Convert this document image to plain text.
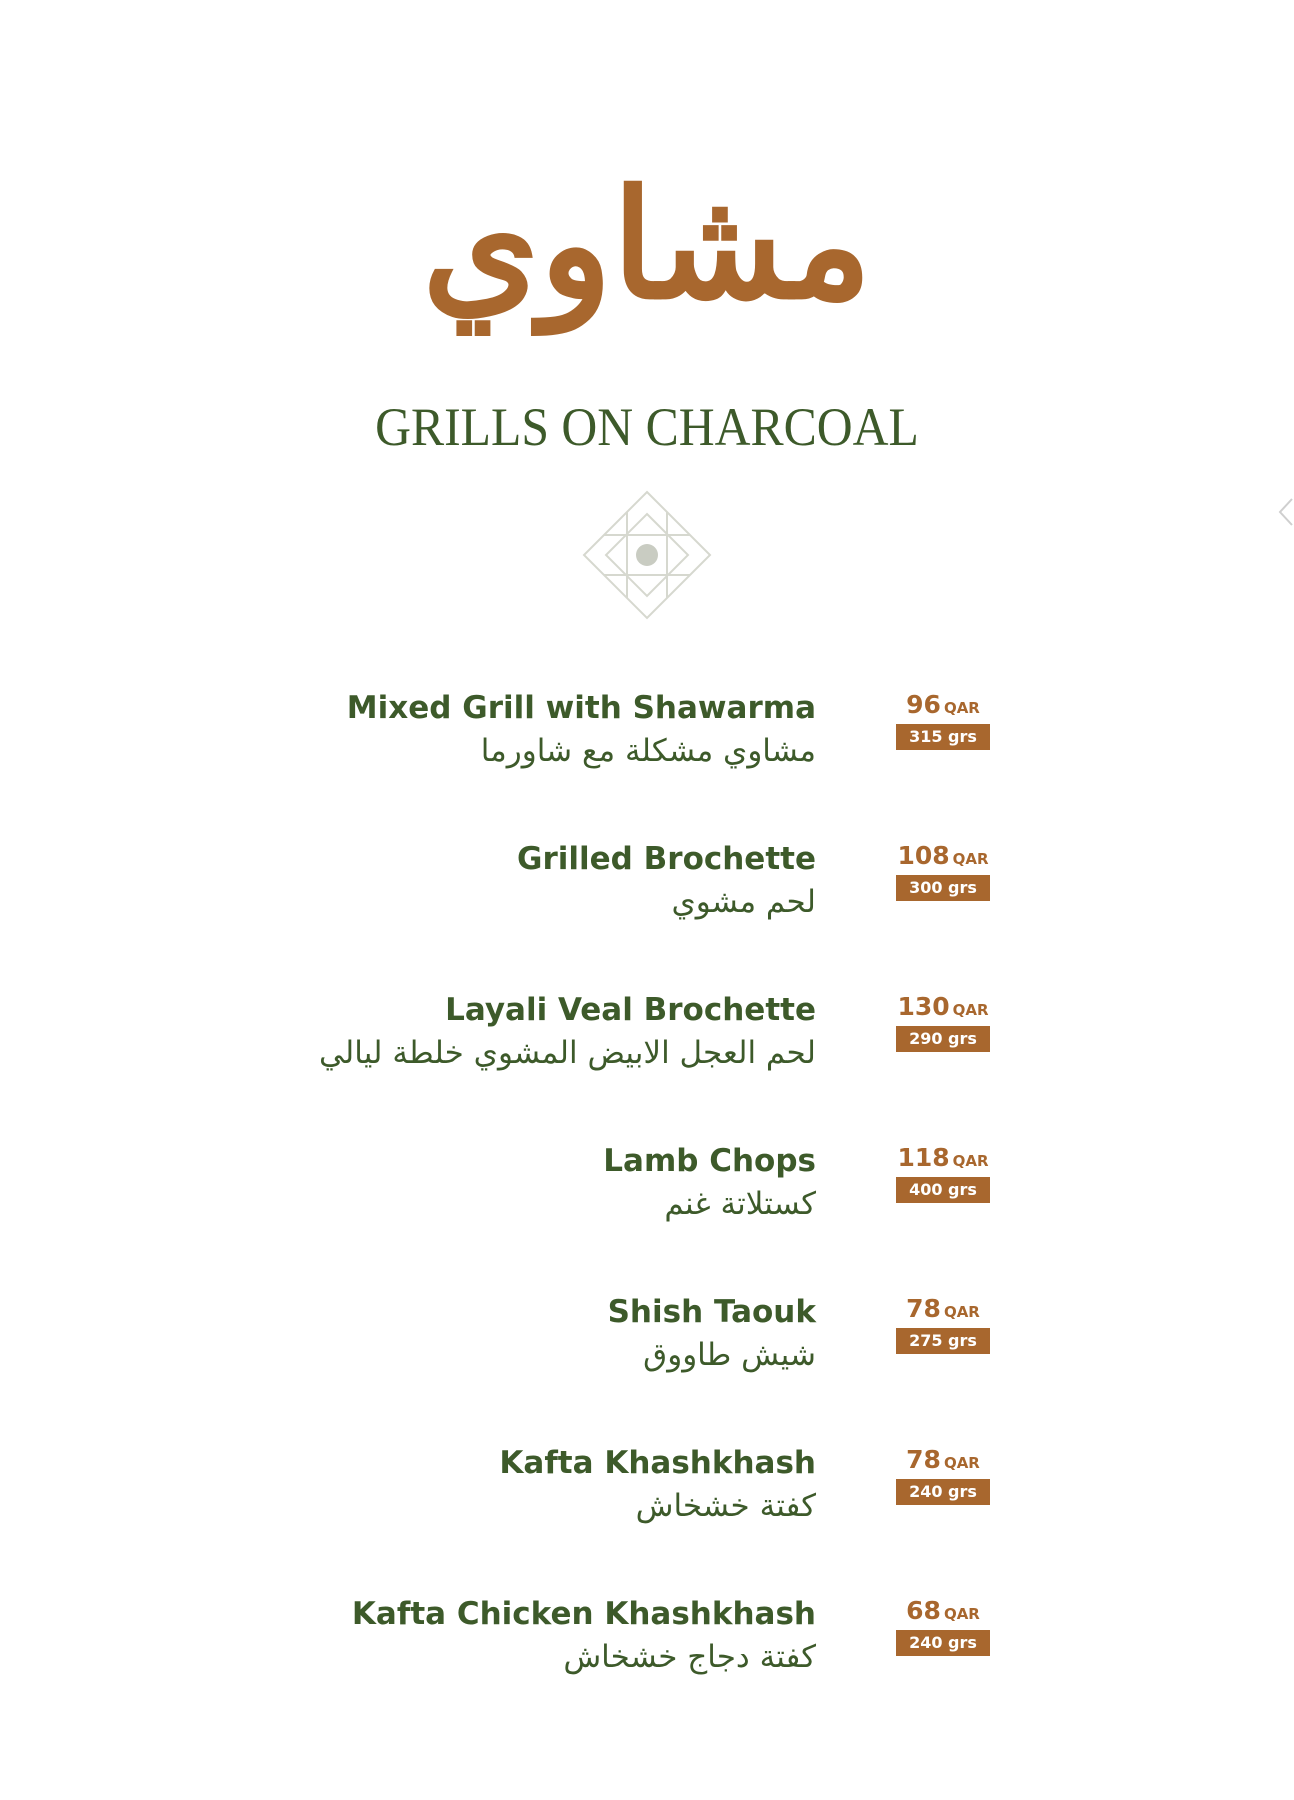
مشاوي
GRILLS ON CHARCOAL
Mixed Grill with Shawarma
مشاوي مشكلة مع شاورما
96 QAR
315 grs
Grilled Brochette
لحم مشوي
108 QAR
300 grs
Layali Veal Brochette
لحم العجل الابيض المشوي خلطة ليالي
130 QAR
290 grs
Lamb Chops
كستلاتة غنم
118 QAR
400 grs
Shish Taouk
شيش طاووق
78 QAR
275 grs
Kafta Khashkhash
كفتة خشخاش
78 QAR
240 grs
Kafta Chicken Khashkhash
كفتة دجاج خشخاش
68 QAR
240 grs
